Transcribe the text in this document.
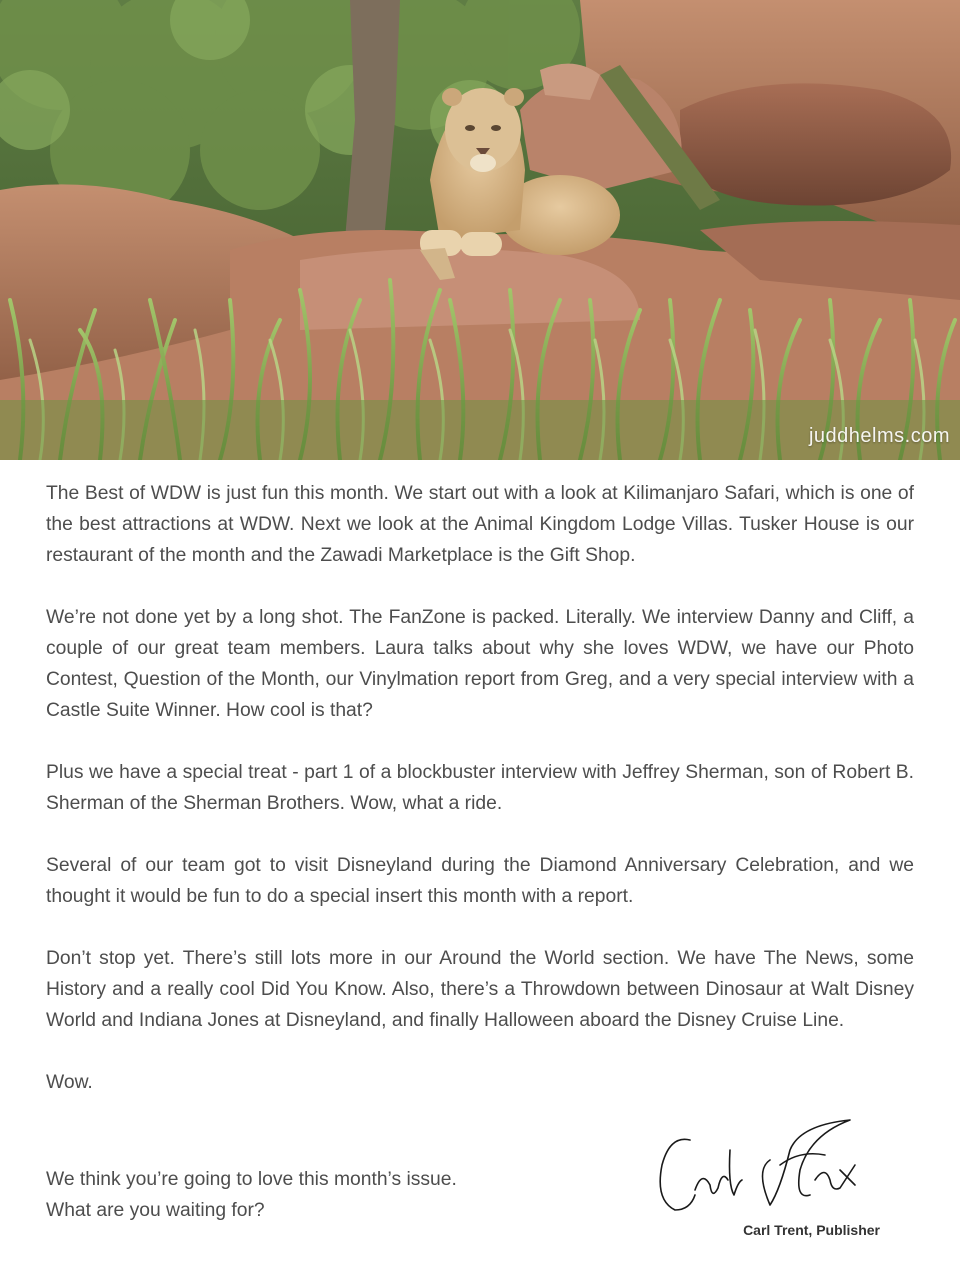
juddhelms.com

The Best of WDW is just fun this month. We start out with a look at Kilimanjaro Safari, which is one of the best attractions at WDW. Next we look at the Animal Kingdom Lodge Villas. Tusker House is our restaurant of the month and the Zawadi Marketplace is the Gift Shop.

We’re not done yet by a long shot. The FanZone is packed. Literally. We interview Danny and Cliff, a couple of our great team members. Laura talks about why she loves WDW, we have our Photo Contest, Question of the Month, our Vinylmation report from Greg, and a very special interview with a Castle Suite Winner. How cool is that?

Plus we have a special treat - part 1 of a blockbuster interview with Jeffrey Sherman, son of Robert B. Sherman of the Sherman Brothers. Wow, what a ride.

Several of our team got to visit Disneyland during the Diamond Anniversary Celebration, and we thought it would be fun to do a special insert this month with a report.

Don’t stop yet. There’s still lots more in our Around the World section. We have The News, some History and a really cool Did You Know. Also, there’s a Throwdown between Dinosaur at Walt Disney World and Indiana Jones at Disneyland, and finally Halloween aboard the Disney Cruise Line.

Wow.

We think you’re going to love this month’s issue.
What are you waiting for?
Carl Trent, Publisher
